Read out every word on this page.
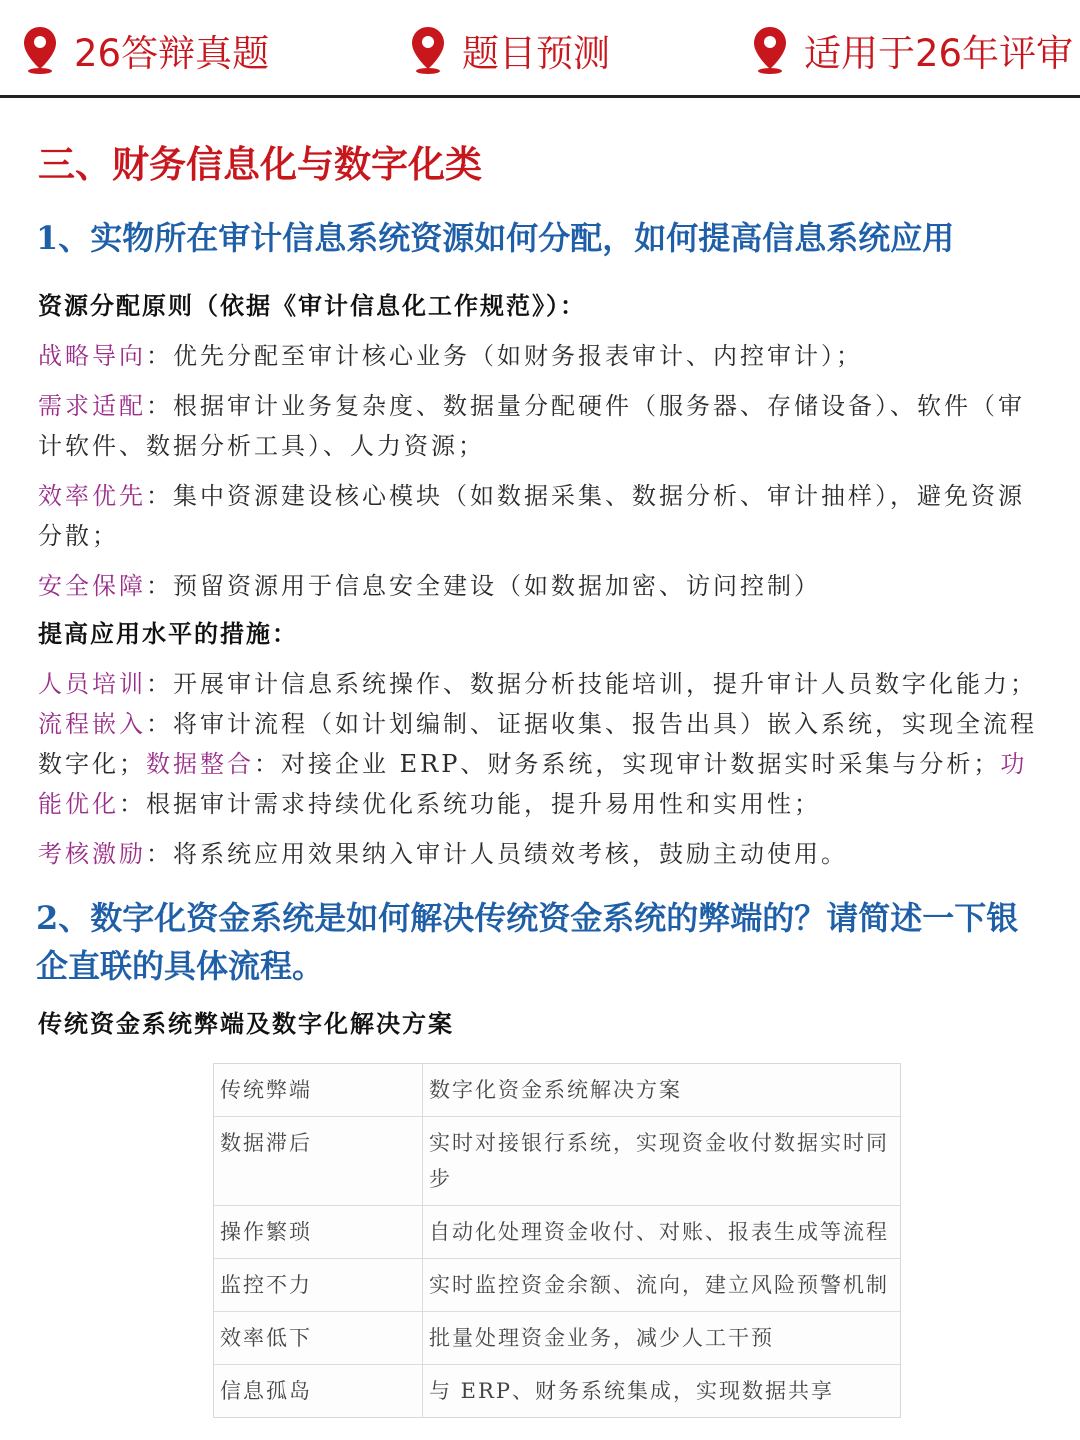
26答辩真题	题目预测	适用于26年评审
三、财务信息化与数字化类
1、实物所在审计信息系统资源如何分配，如何提高信息系统应用
资源分配原则（依据《审计信息化工作规范》）：

战略导向：优先分配至审计核心业务（如财务报表审计、内控审计）；

需求适配：根据审计业务复杂度、数据量分配硬件（服务器、存储设备）、软件（审计软件、数据分析工具）、人力资源；

效率优先：集中资源建设核心模块（如数据采集、数据分析、审计抽样），避免资源分散；

安全保障：预留资源用于信息安全建设（如数据加密、访问控制）

提高应用水平的措施：

人员培训：开展审计信息系统操作、数据分析技能培训，提升审计人员数字化能力；流程嵌入：将审计流程（如计划编制、证据收集、报告出具）嵌入系统，实现全流程数字化；数据整合：对接企业 ERP、财务系统，实现审计数据实时采集与分析；功能优化：根据审计需求持续优化系统功能，提升易用性和实用性；

考核激励：将系统应用效果纳入审计人员绩效考核，鼓励主动使用。

2、数字化资金系统是如何解决传统资金系统的弊端的？请简述一下银企直联的具体流程。
传统资金系统弊端及数字化解决方案
传统弊端	数字化资金系统解决方案
数据滞后	实时对接银行系统，实现资金收付数据实时同步
操作繁琐	自动化处理资金收付、对账、报表生成等流程
监控不力	实时监控资金余额、流向，建立风险预警机制
效率低下	批量处理资金业务，减少人工干预
信息孤岛	与 ERP、财务系统集成，实现数据共享
